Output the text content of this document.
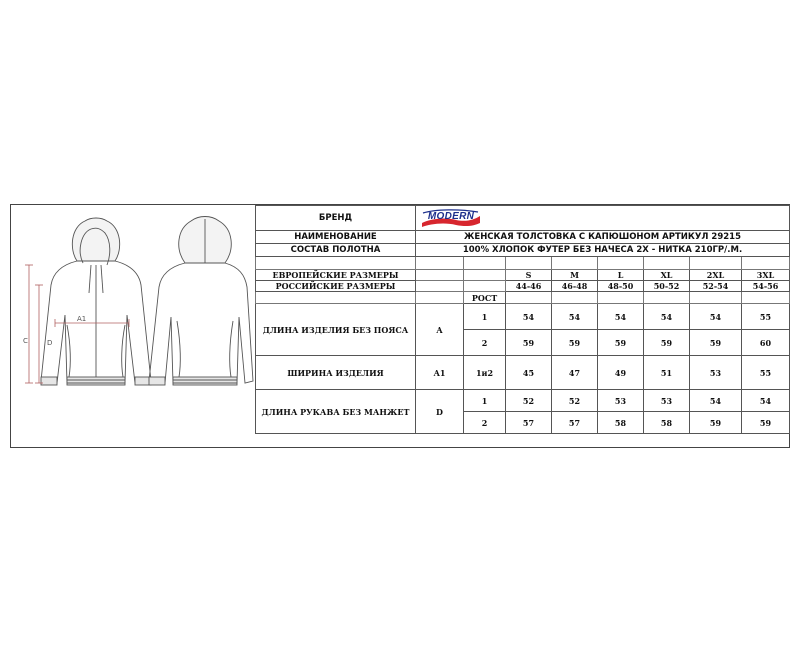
A1
C	D
БРЕНД	MODERN							

НАИМЕНОВАНИЕ	ЖЕНСКАЯ ТОЛСТОВКА С КАПЮШОНОМ АРТИКУЛ 29215							
СОСТАВ ПОЛОТНА	100% ХЛОПОК ФУТЕР БЕЗ НАЧЕСА 2Х - НИТКА 210ГР/.М.							

ЕВРОПЕЙСКИЕ РАЗМЕРЫ			S	M	L	XL	2XL	3XL
РОССИЙСКИЕ РАЗМЕРЫ			44-46	46-48	48-50	50-52	52-54	54-56
		РОСТ						
ДЛИНА ИЗДЕЛИЯ БЕЗ ПОЯСА	A	1	54	54	54	54	54	55
		2	59	59	59	59	59	60
ШИРИНА ИЗДЕЛИЯ	A1	1и2	45	47	49	51	53	55
ДЛИНА РУКАВА БЕЗ МАНЖЕТ	D	1	52	52	53	53	54	54
		2	57	57	58	58	59	59
